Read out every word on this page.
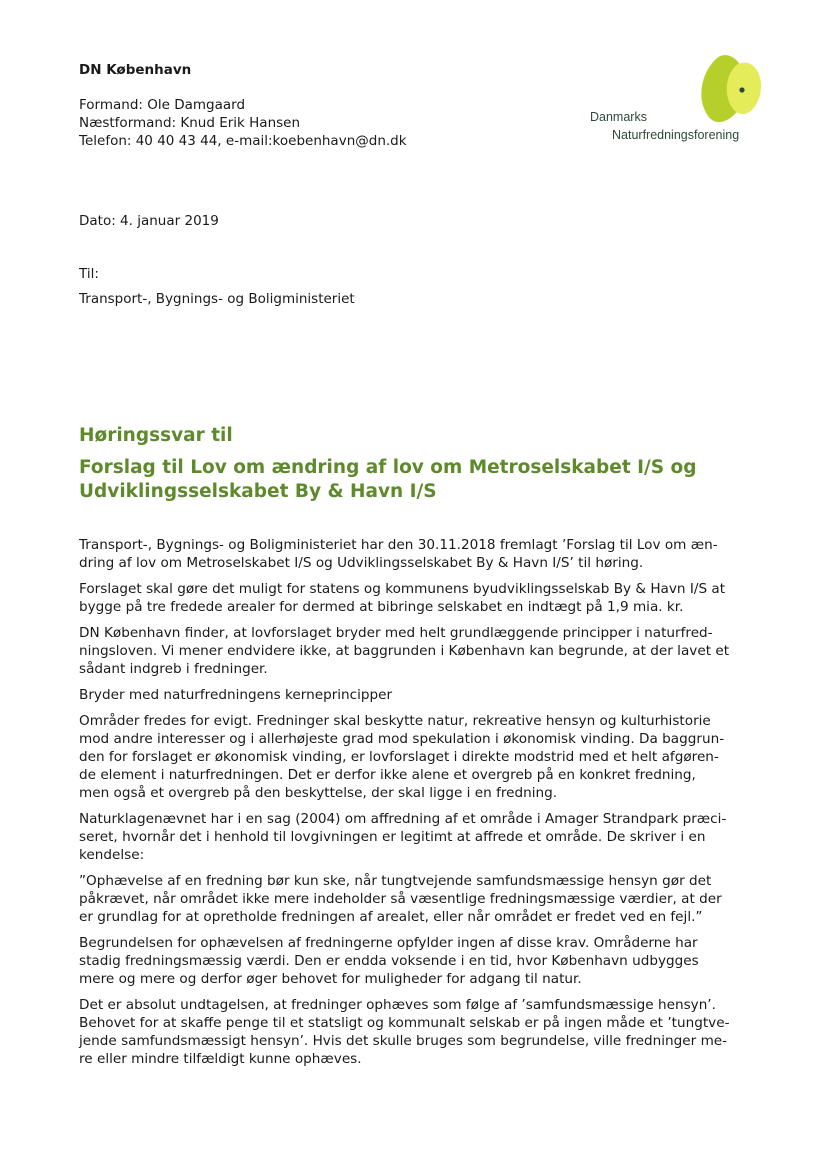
DN København
Formand: Ole Damgaard
Næstformand: Knud Erik Hansen
Telefon: 40 40 43 44, e-mail:koebenhavn@dn.dk
Danmarks
Naturfredningsforening
Dato: 4. januar 2019
Til:
Transport-, Bygnings- og Boligministeriet
Høringssvar til
Forslag til Lov om ændring af lov om Metroselskabet I/S og
Udviklingsselskabet By & Havn I/S

Transport-, Bygnings- og Boligministeriet har den 30.11.2018 fremlagt ’Forslag til Lov om æn-
dring af lov om Metroselskabet I/S og Udviklingsselskabet By & Havn I/S’ til høring.

Forslaget skal gøre det muligt for statens og kommunens byudviklingsselskab By & Havn I/S at
bygge på tre fredede arealer for dermed at bibringe selskabet en indtægt på 1,9 mia. kr.

DN København finder, at lovforslaget bryder med helt grundlæggende principper i naturfred-
ningsloven. Vi mener endvidere ikke, at baggrunden i København kan begrunde, at der lavet et
sådant indgreb i fredninger.

Bryder med naturfredningens kerneprincipper

Områder fredes for evigt. Fredninger skal beskytte natur, rekreative hensyn og kulturhistorie
mod andre interesser og i allerhøjeste grad mod spekulation i økonomisk vinding. Da baggrun-
den for forslaget er økonomisk vinding, er lovforslaget i direkte modstrid med et helt afgøren-
de element i naturfredningen. Det er derfor ikke alene et overgreb på en konkret fredning,
men også et overgreb på den beskyttelse, der skal ligge i en fredning.

Naturklagenævnet har i en sag (2004) om affredning af et område i Amager Strandpark præci-
seret, hvornår det i henhold til lovgivningen er legitimt at affrede et område. De skriver i en
kendelse:

”Ophævelse af en fredning bør kun ske, når tungtvejende samfundsmæssige hensyn gør det
påkrævet, når området ikke mere indeholder så væsentlige fredningsmæssige værdier, at der
er grundlag for at opretholde fredningen af arealet, eller når området er fredet ved en fejl.”

Begrundelsen for ophævelsen af fredningerne opfylder ingen af disse krav. Områderne har
stadig fredningsmæssig værdi. Den er endda voksende i en tid, hvor København udbygges
mere og mere og derfor øger behovet for muligheder for adgang til natur.

Det er absolut undtagelsen, at fredninger ophæves som følge af ’samfundsmæssige hensyn’.
Behovet for at skaffe penge til et statsligt og kommunalt selskab er på ingen måde et ’tungtve-
jende samfundsmæssigt hensyn’. Hvis det skulle bruges som begrundelse, ville fredninger me-
re eller mindre tilfældigt kunne ophæves.
